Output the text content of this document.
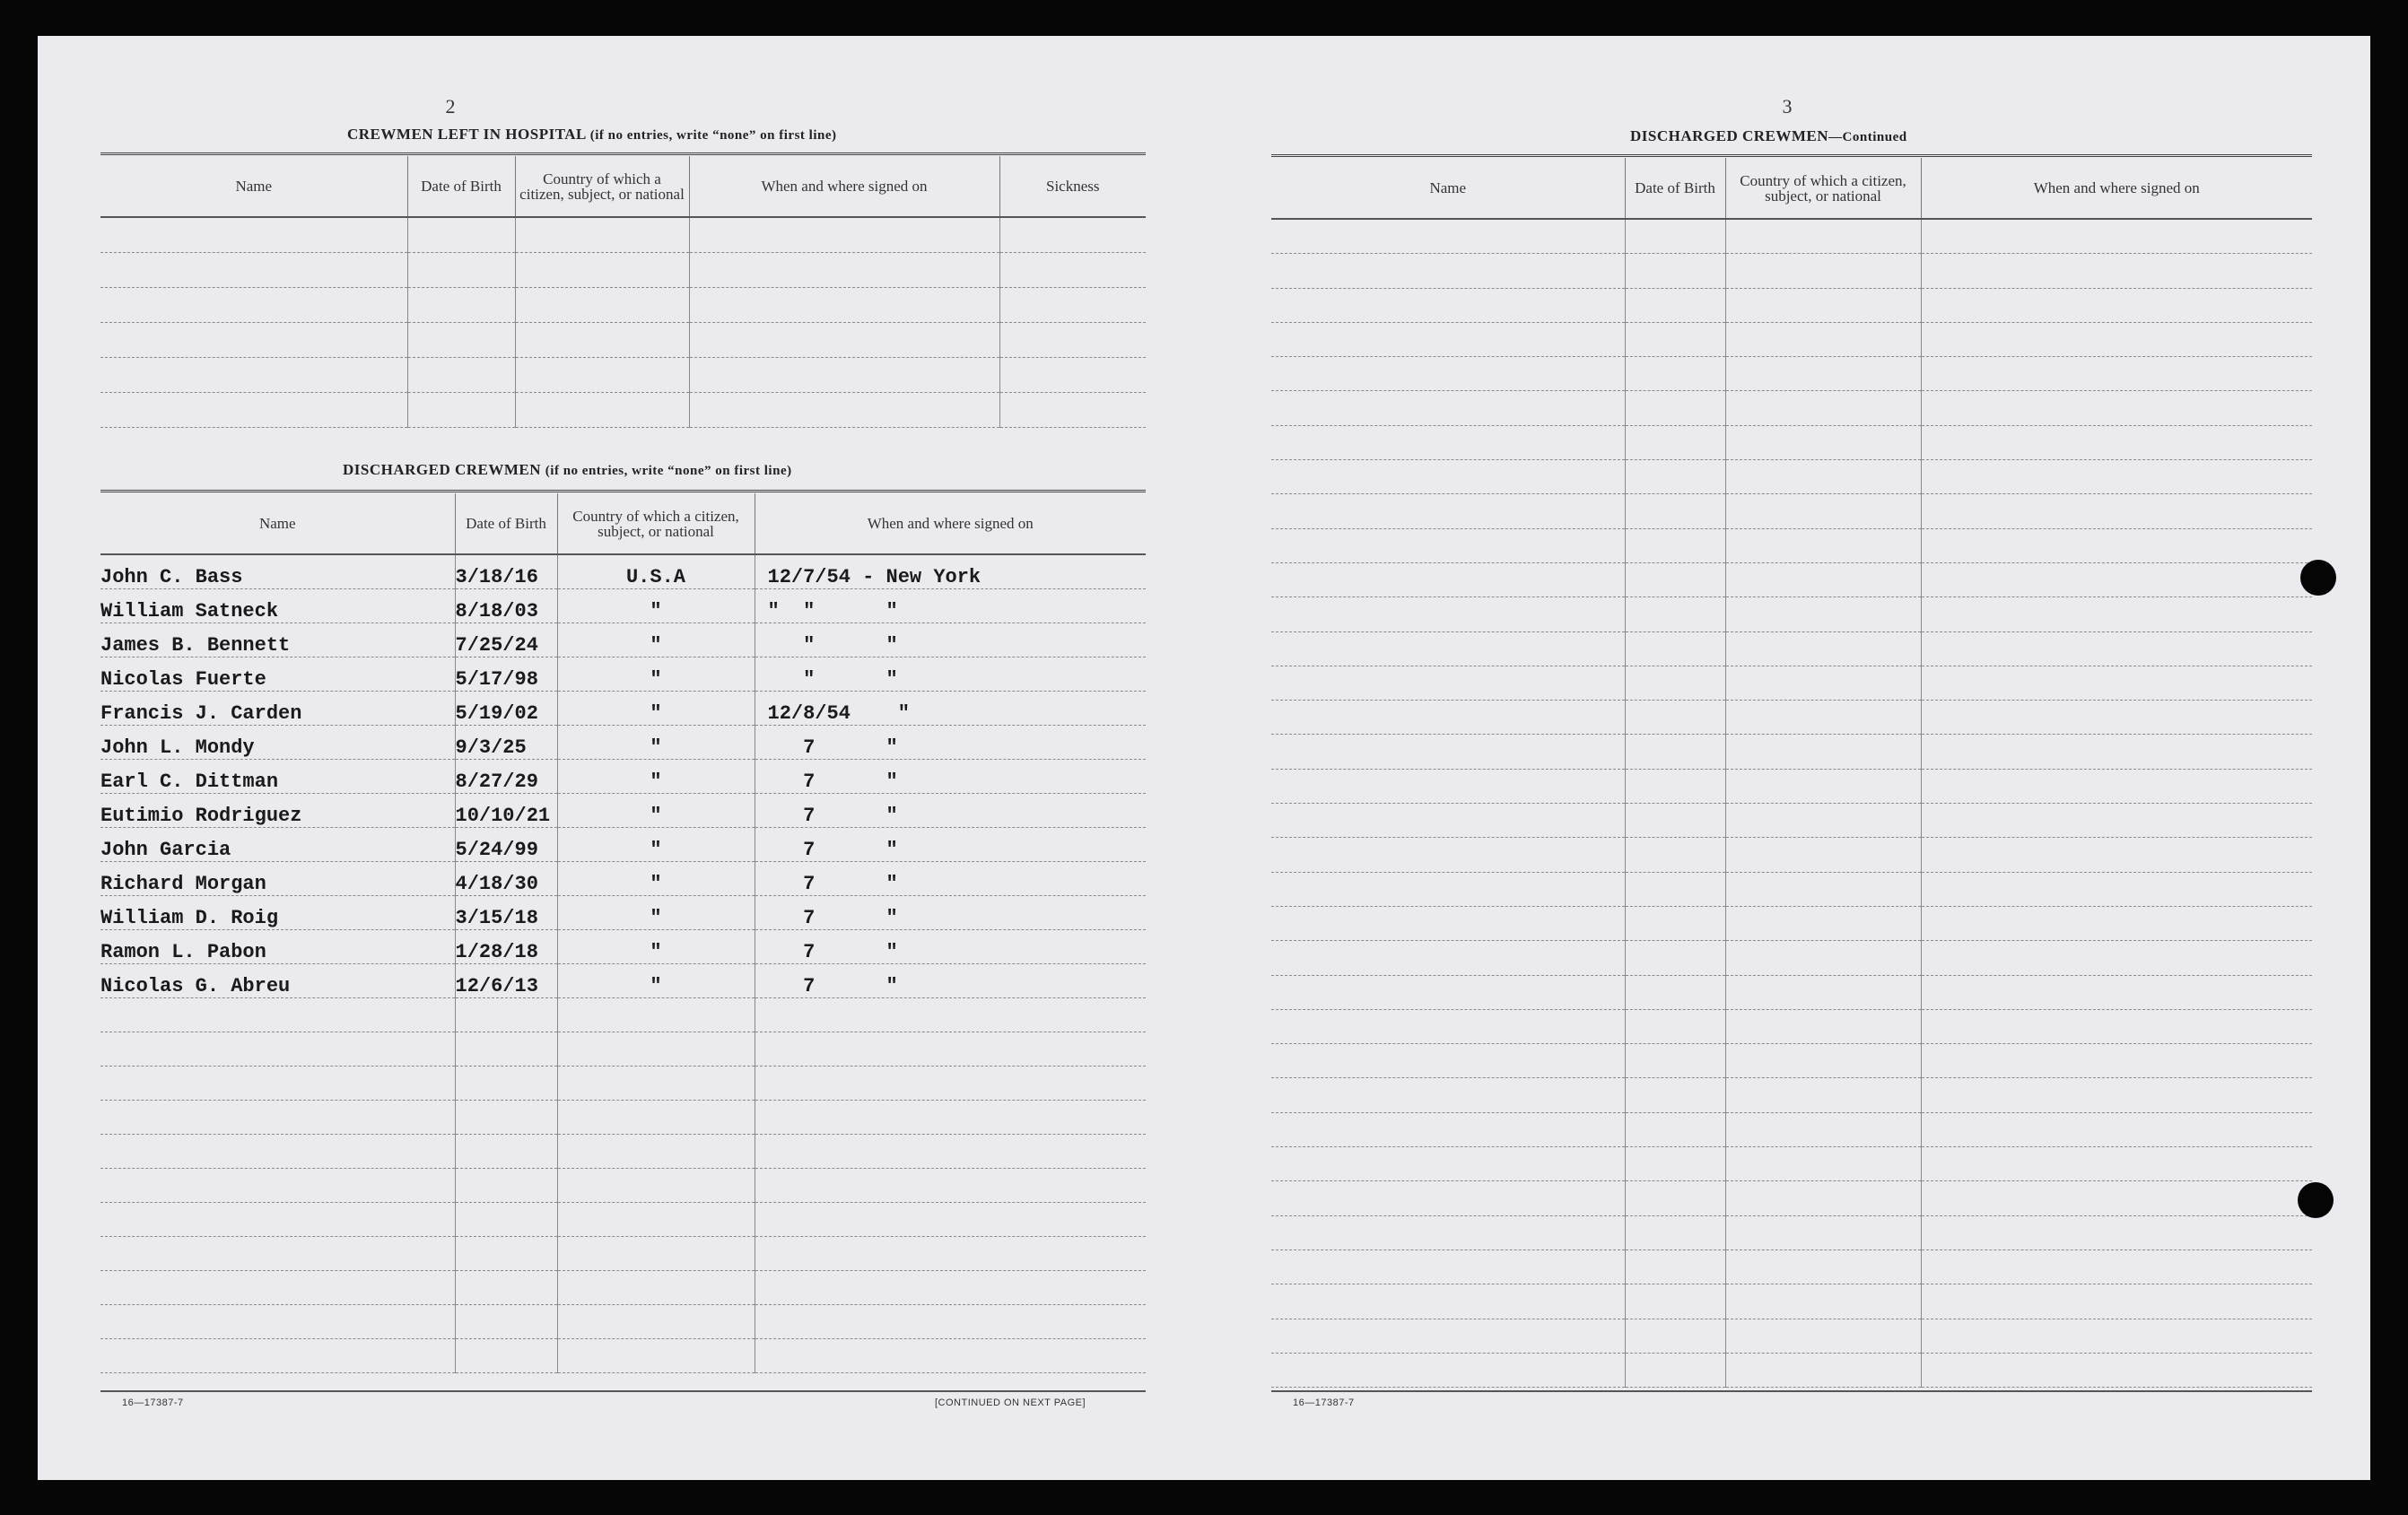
2
CREWMEN LEFT IN HOSPITAL (if no entries, write “none” on first line)
Name	Date of Birth	Country of which a citizen, subject, or national	When and where signed on	Sickness

DISCHARGED CREWMEN (if no entries, write “none” on first line)
Name	Date of Birth	Country of which a citizen, subject, or national	When and where signed on
John C. Bass	3/18/16	U.S.A	12/7/54 - New York
William Satneck	8/18/03	"	"  "      "
James B. Bennett	7/25/24	"	"      "
Nicolas Fuerte	5/17/98	"	"      "
Francis J. Carden	5/19/02	"	12/8/54    "
John L. Mondy	9/3/25	"	7      "
Earl C. Dittman	8/27/29	"	7      "
Eutimio Rodriguez	10/10/21	"	7      "
John Garcia	5/24/99	"	7      "
Richard Morgan	4/18/30	"	7      "
William D. Roig	3/15/18	"	7      "
Ramon L. Pabon	1/28/18	"	7      "
Nicolas G. Abreu	12/6/13	"	7      "

16—17387-7	[CONTINUED ON NEXT PAGE]
3
DISCHARGED CREWMEN—Continued
Name	Date of Birth	Country of which a citizen, subject, or national	When and where signed on

16—17387-7
